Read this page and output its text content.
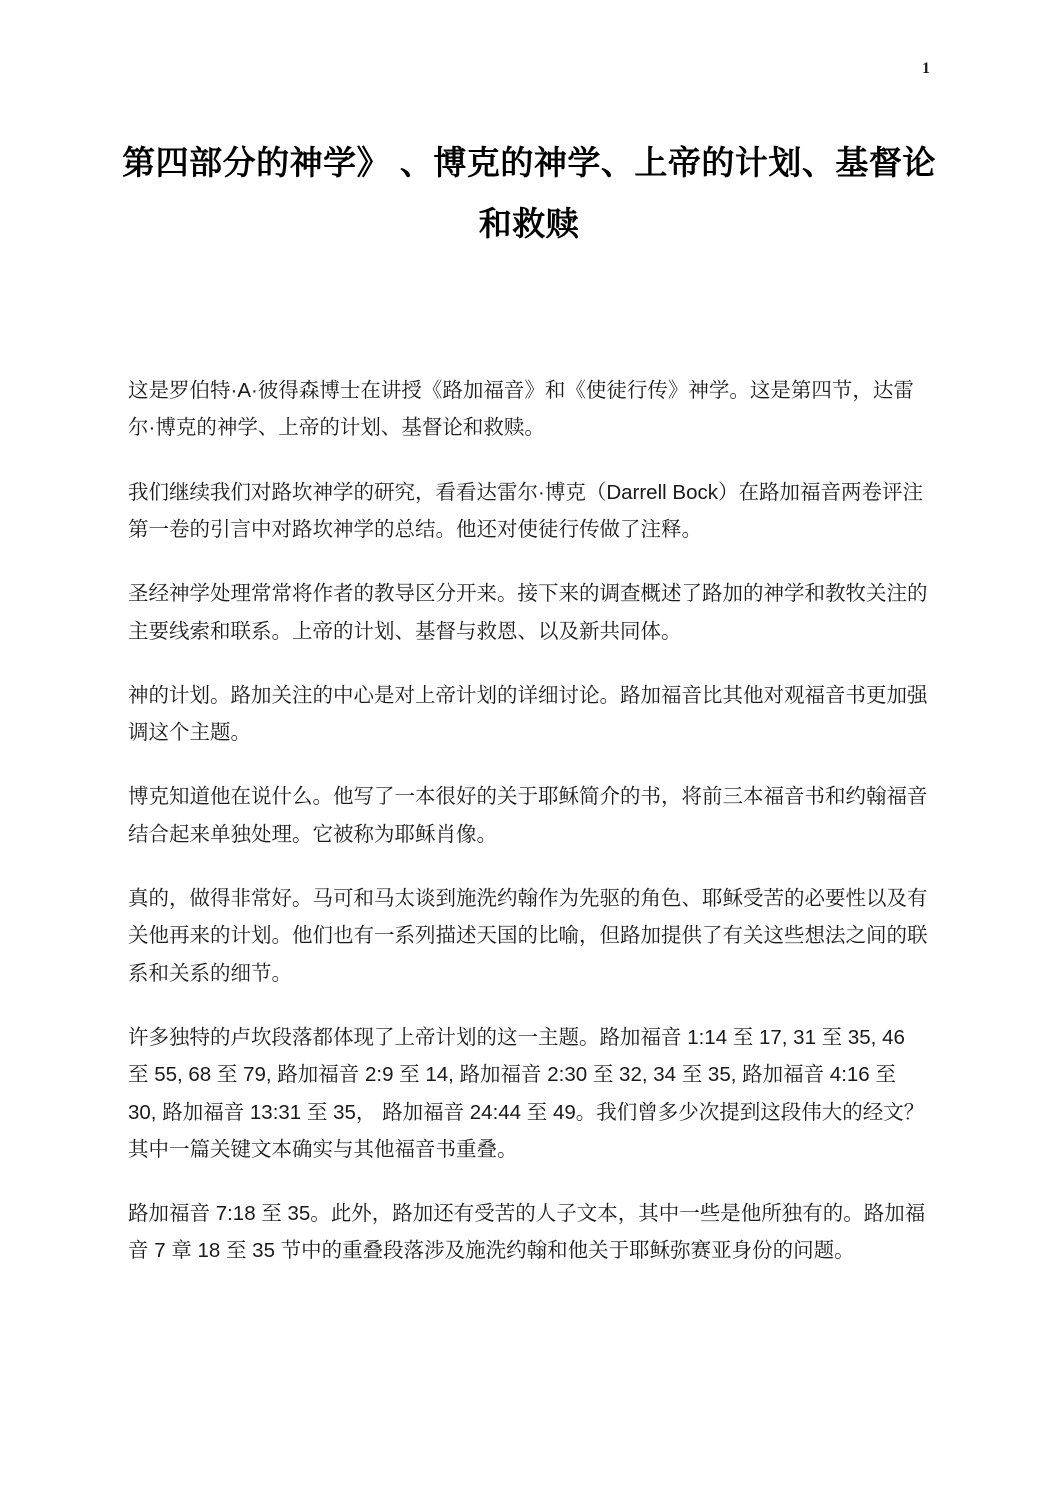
1
第四部分的神学》 、博克的神学、上帝的计划、基督论和救赎

这是罗伯特·A·彼得森博士在讲授《路加福音》和《使徒行传》神学。这是第四节，达雷尔·博克的神学、上帝的计划、基督论和救赎。

我们继续我们对路坎神学的研究，看看达雷尔·博克（Darrell Bock）在路加福音两卷评注第一卷的引言中对路坎神学的总结。他还对使徒行传做了注释。

圣经神学处理常常将作者的教导区分开来。接下来的调查概述了路加的神学和教牧关注的主要线索和联系。上帝的计划、基督与救恩、以及新共同体。

神的计划。路加关注的中心是对上帝计划的详细讨论。路加福音比其他对观福音书更加强调这个主题。

博克知道他在说什么。他写了一本很好的关于耶稣简介的书，将前三本福音书和约翰福音结合起来单独处理。它被称为耶稣肖像。

真的，做得非常好。马可和马太谈到施洗约翰作为先驱的角色、耶稣受苦的必要性以及有关他再来的计划。他们也有一系列描述天国的比喻，但路加提供了有关这些想法之间的联系和关系的细节。

许多独特的卢坎段落都体现了上帝计划的这一主题。路加福音 1:14 至 17, 31 至 35, 46 至 55, 68 至 79, 路加福音 2:9 至 14, 路加福音 2:30 至 32, 34 至 35, 路加福音 4:16 至 30, 路加福音 13:31 至 35， 路加福音 24:44 至 49。我们曾多少次提到这段伟大的经文？其中一篇关键文本确实与其他福音书重叠。

路加福音 7:18 至 35。此外，路加还有受苦的人子文本，其中一些是他所独有的。路加福音 7 章 18 至 35 节中的重叠段落涉及施洗约翰和他关于耶稣弥赛亚身份的问题。
